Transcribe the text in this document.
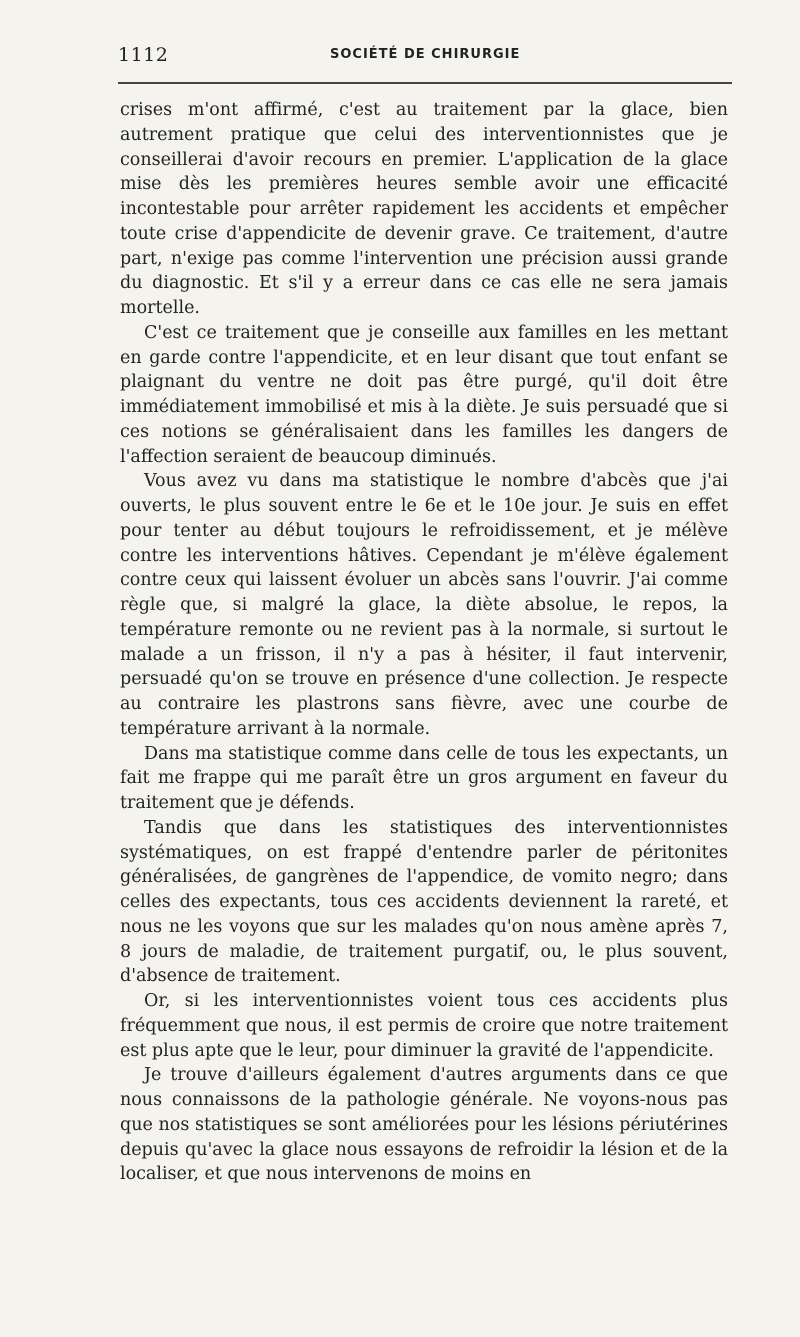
1112	SOCIÉTÉ DE CHIRURGIE

crises m'ont affirmé, c'est au traitement par la glace, bien autrement pratique que celui des interventionnistes que je conseillerai d'avoir recours en premier. L'application de la glace mise dès les premières heures semble avoir une efficacité incontestable pour arrêter rapidement les accidents et empêcher toute crise d'appendicite de devenir grave. Ce traitement, d'autre part, n'exige pas comme l'intervention une précision aussi grande du diagnostic. Et s'il y a erreur dans ce cas elle ne sera jamais mortelle.

C'est ce traitement que je conseille aux familles en les mettant en garde contre l'appendicite, et en leur disant que tout enfant se plaignant du ventre ne doit pas être purgé, qu'il doit être immédiatement immobilisé et mis à la diète. Je suis persuadé que si ces notions se généralisaient dans les familles les dangers de l'affection seraient de beaucoup diminués.

Vous avez vu dans ma statistique le nombre d'abcès que j'ai ouverts, le plus souvent entre le 6e et le 10e jour. Je suis en effet pour tenter au début toujours le refroidissement, et je mélève contre les interventions hâtives. Cependant je m'élève également contre ceux qui laissent évoluer un abcès sans l'ouvrir. J'ai comme règle que, si malgré la glace, la diète absolue, le repos, la température remonte ou ne revient pas à la normale, si surtout le malade a un frisson, il n'y a pas à hésiter, il faut intervenir, persuadé qu'on se trouve en présence d'une collection. Je respecte au contraire les plastrons sans fièvre, avec une courbe de température arrivant à la normale.

Dans ma statistique comme dans celle de tous les expectants, un fait me frappe qui me paraît être un gros argument en faveur du traitement que je défends.

Tandis que dans les statistiques des interventionnistes systématiques, on est frappé d'entendre parler de péritonites généralisées, de gangrènes de l'appendice, de vomito negro; dans celles des expectants, tous ces accidents deviennent la rareté, et nous ne les voyons que sur les malades qu'on nous amène après 7, 8 jours de maladie, de traitement purgatif, ou, le plus souvent, d'absence de traitement.

Or, si les interventionnistes voient tous ces accidents plus fréquemment que nous, il est permis de croire que notre traitement est plus apte que le leur, pour diminuer la gravité de l'appendicite.

Je trouve d'ailleurs également d'autres arguments dans ce que nous connaissons de la pathologie générale. Ne voyons-nous pas que nos statistiques se sont améliorées pour les lésions périutérines depuis qu'avec la glace nous essayons de refroidir la lésion et de la localiser, et que nous intervenons de moins en
